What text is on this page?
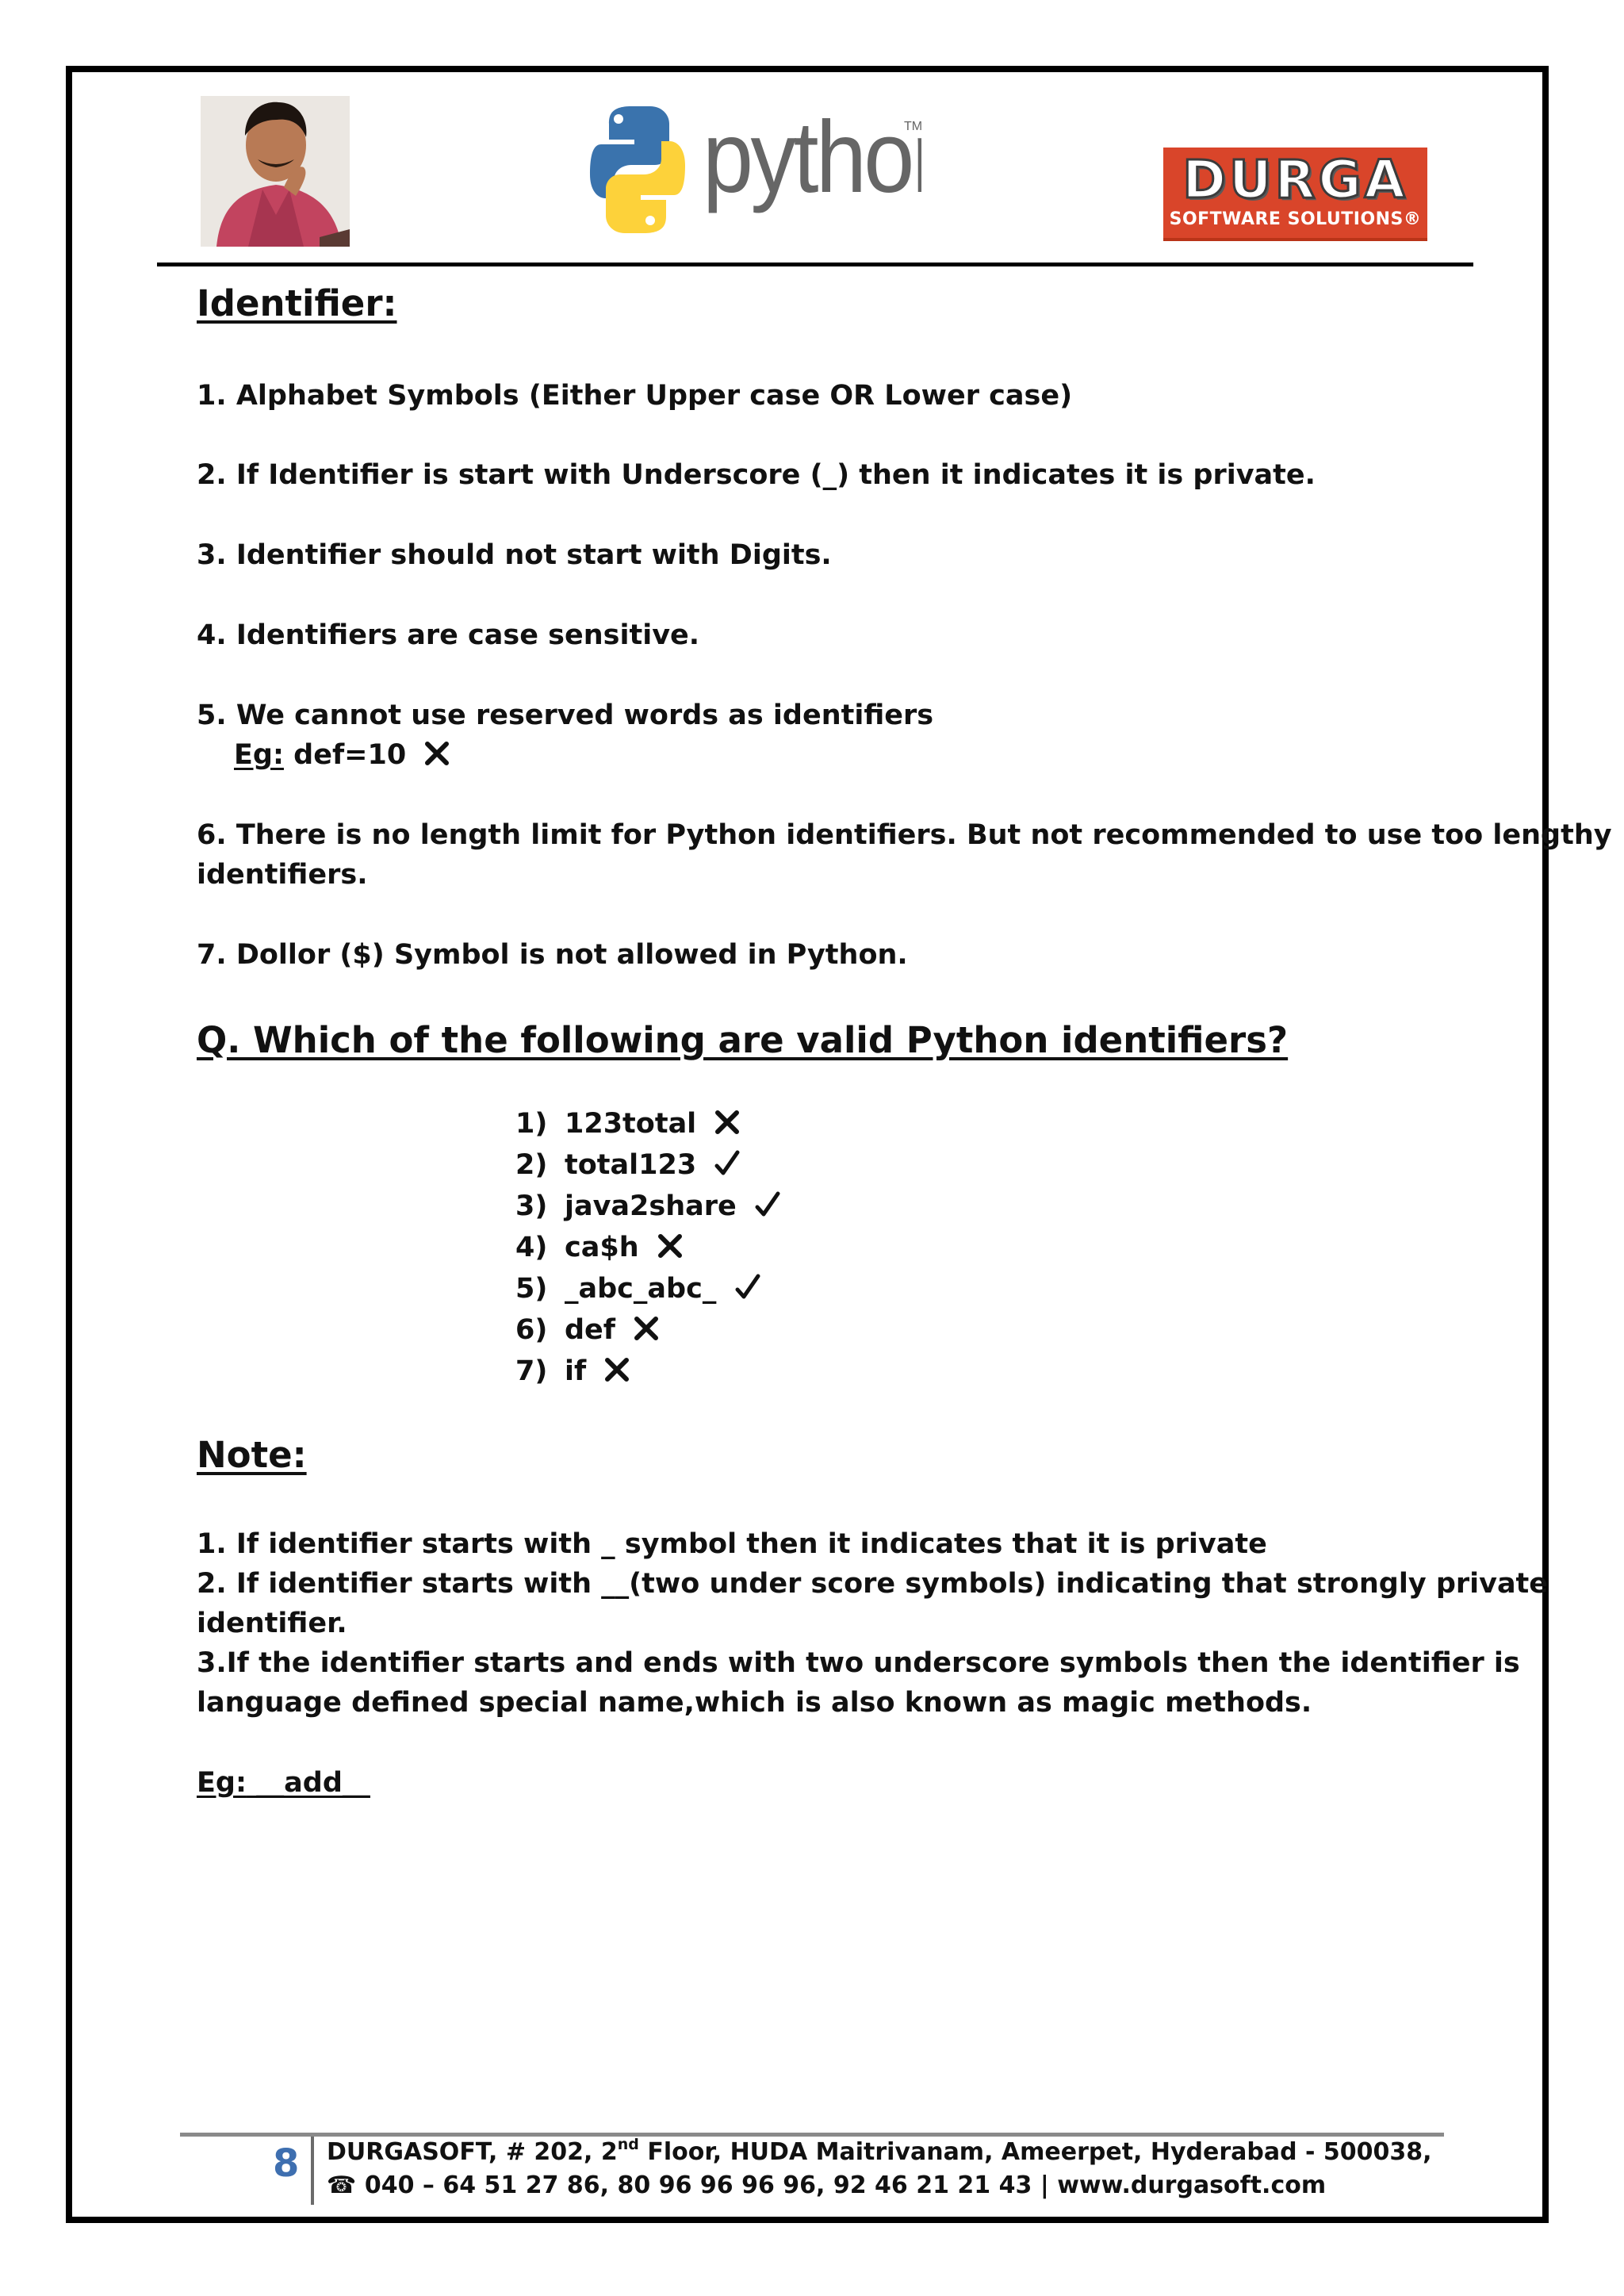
pytho
TM
DURGA
SOFTWARE SOLUTIONS®
Identifier:
1. Alphabet Symbols (Either Upper case OR Lower case)
2. If Identifier is start with Underscore (_) then it indicates it is private.
3. Identifier should not start with Digits.
4. Identifiers are case sensitive.
5. We cannot use reserved words as identifiers
Eg: def=10
6. There is no length limit for Python identifiers. But not recommended to use too lengthy
identifiers.
7. Dollor ($) Symbol is not allowed in Python.
Q. Which of the following are valid Python identifiers?
1) 123total
2) total123
3) java2share
4) ca$h
5) _abc_abc_
6) def
7) if
Note:
1. If identifier starts with _ symbol then it indicates that it is private
2. If identifier starts with __(two under score symbols) indicating that strongly private
identifier.
3.If the identifier starts and ends with two underscore symbols then the identifier is
language defined special name,which is also known as magic methods.
Eg: __add__
8 DURGASOFT, # 202, 2nd Floor, HUDA Maitrivanam, Ameerpet, Hyderabad - 500038,
☎ 040 – 64 51 27 86, 80 96 96 96 96, 92 46 21 21 43 | www.durgasoft.com
